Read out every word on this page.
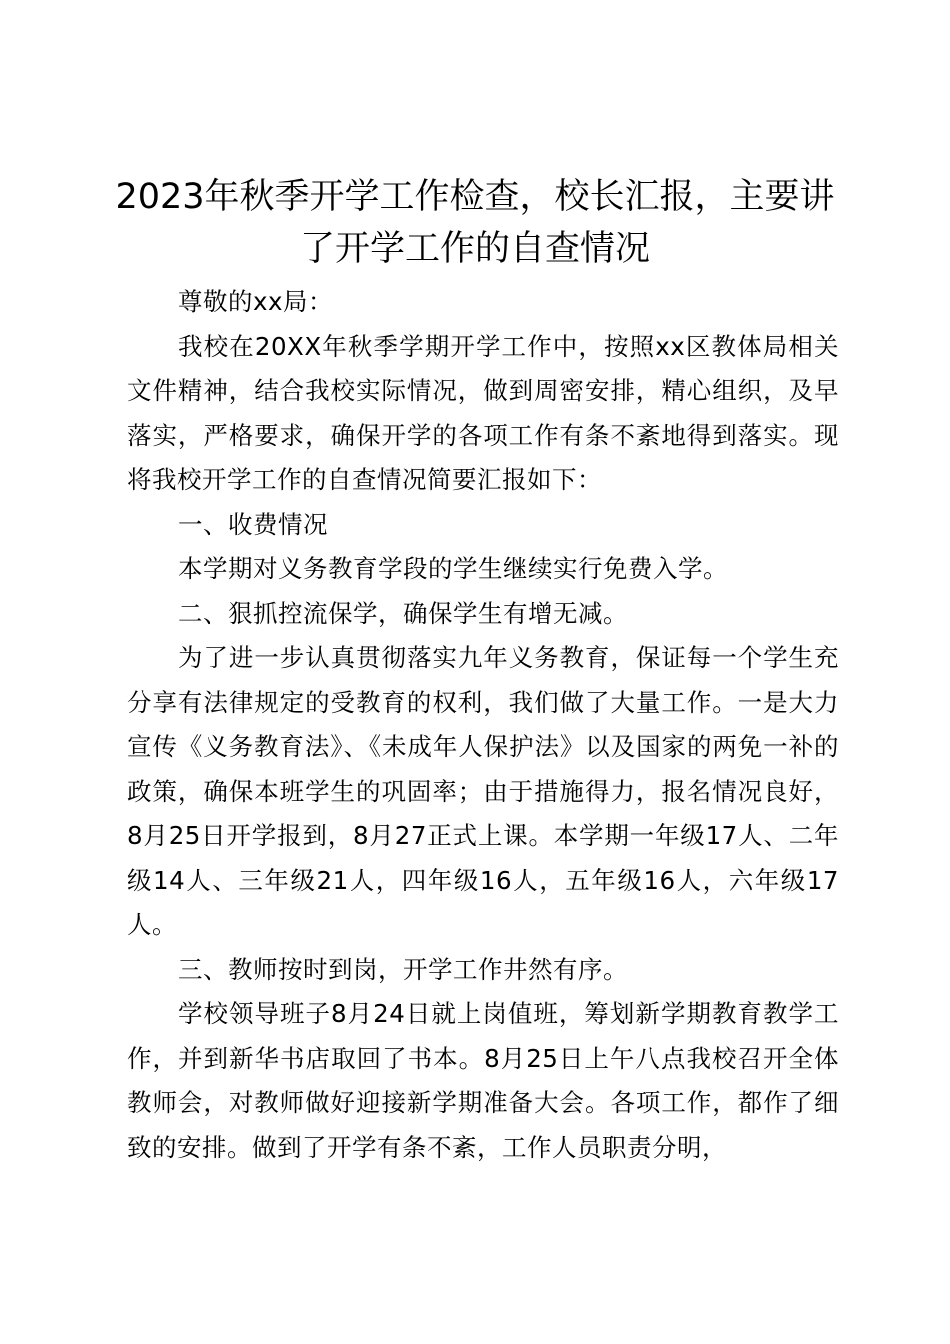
2023年秋季开学工作检查，校长汇报，主要讲了开学工作的自查情况

尊敬的xx局：

我校在20XX年秋季学期开学工作中，按照xx区教体局相关文件精神，结合我校实际情况，做到周密安排，精心组织，及早落实，严格要求，确保开学的各项工作有条不紊地得到落实。现将我校开学工作的自查情况简要汇报如下：

一、收费情况

本学期对义务教育学段的学生继续实行免费入学。

二、狠抓控流保学，确保学生有增无减。

为了进一步认真贯彻落实九年义务教育，保证每一个学生充分享有法律规定的受教育的权利，我们做了大量工作。一是大力宣传《义务教育法》、《未成年人保护法》以及国家的两免一补的政策，确保本班学生的巩固率；由于措施得力，报名情况良好，8月25日开学报到，8月27正式上课。本学期一年级17人、二年级14人、三年级21人，四年级16人，五年级16人，六年级17人。

三、教师按时到岗，开学工作井然有序。

学校领导班子8月24日就上岗值班，筹划新学期教育教学工作，并到新华书店取回了书本。8月25日上午八点我校召开全体教师会，对教师做好迎接新学期准备大会。各项工作，都作了细致的安排。做到了开学有条不紊，工作人员职责分明，
